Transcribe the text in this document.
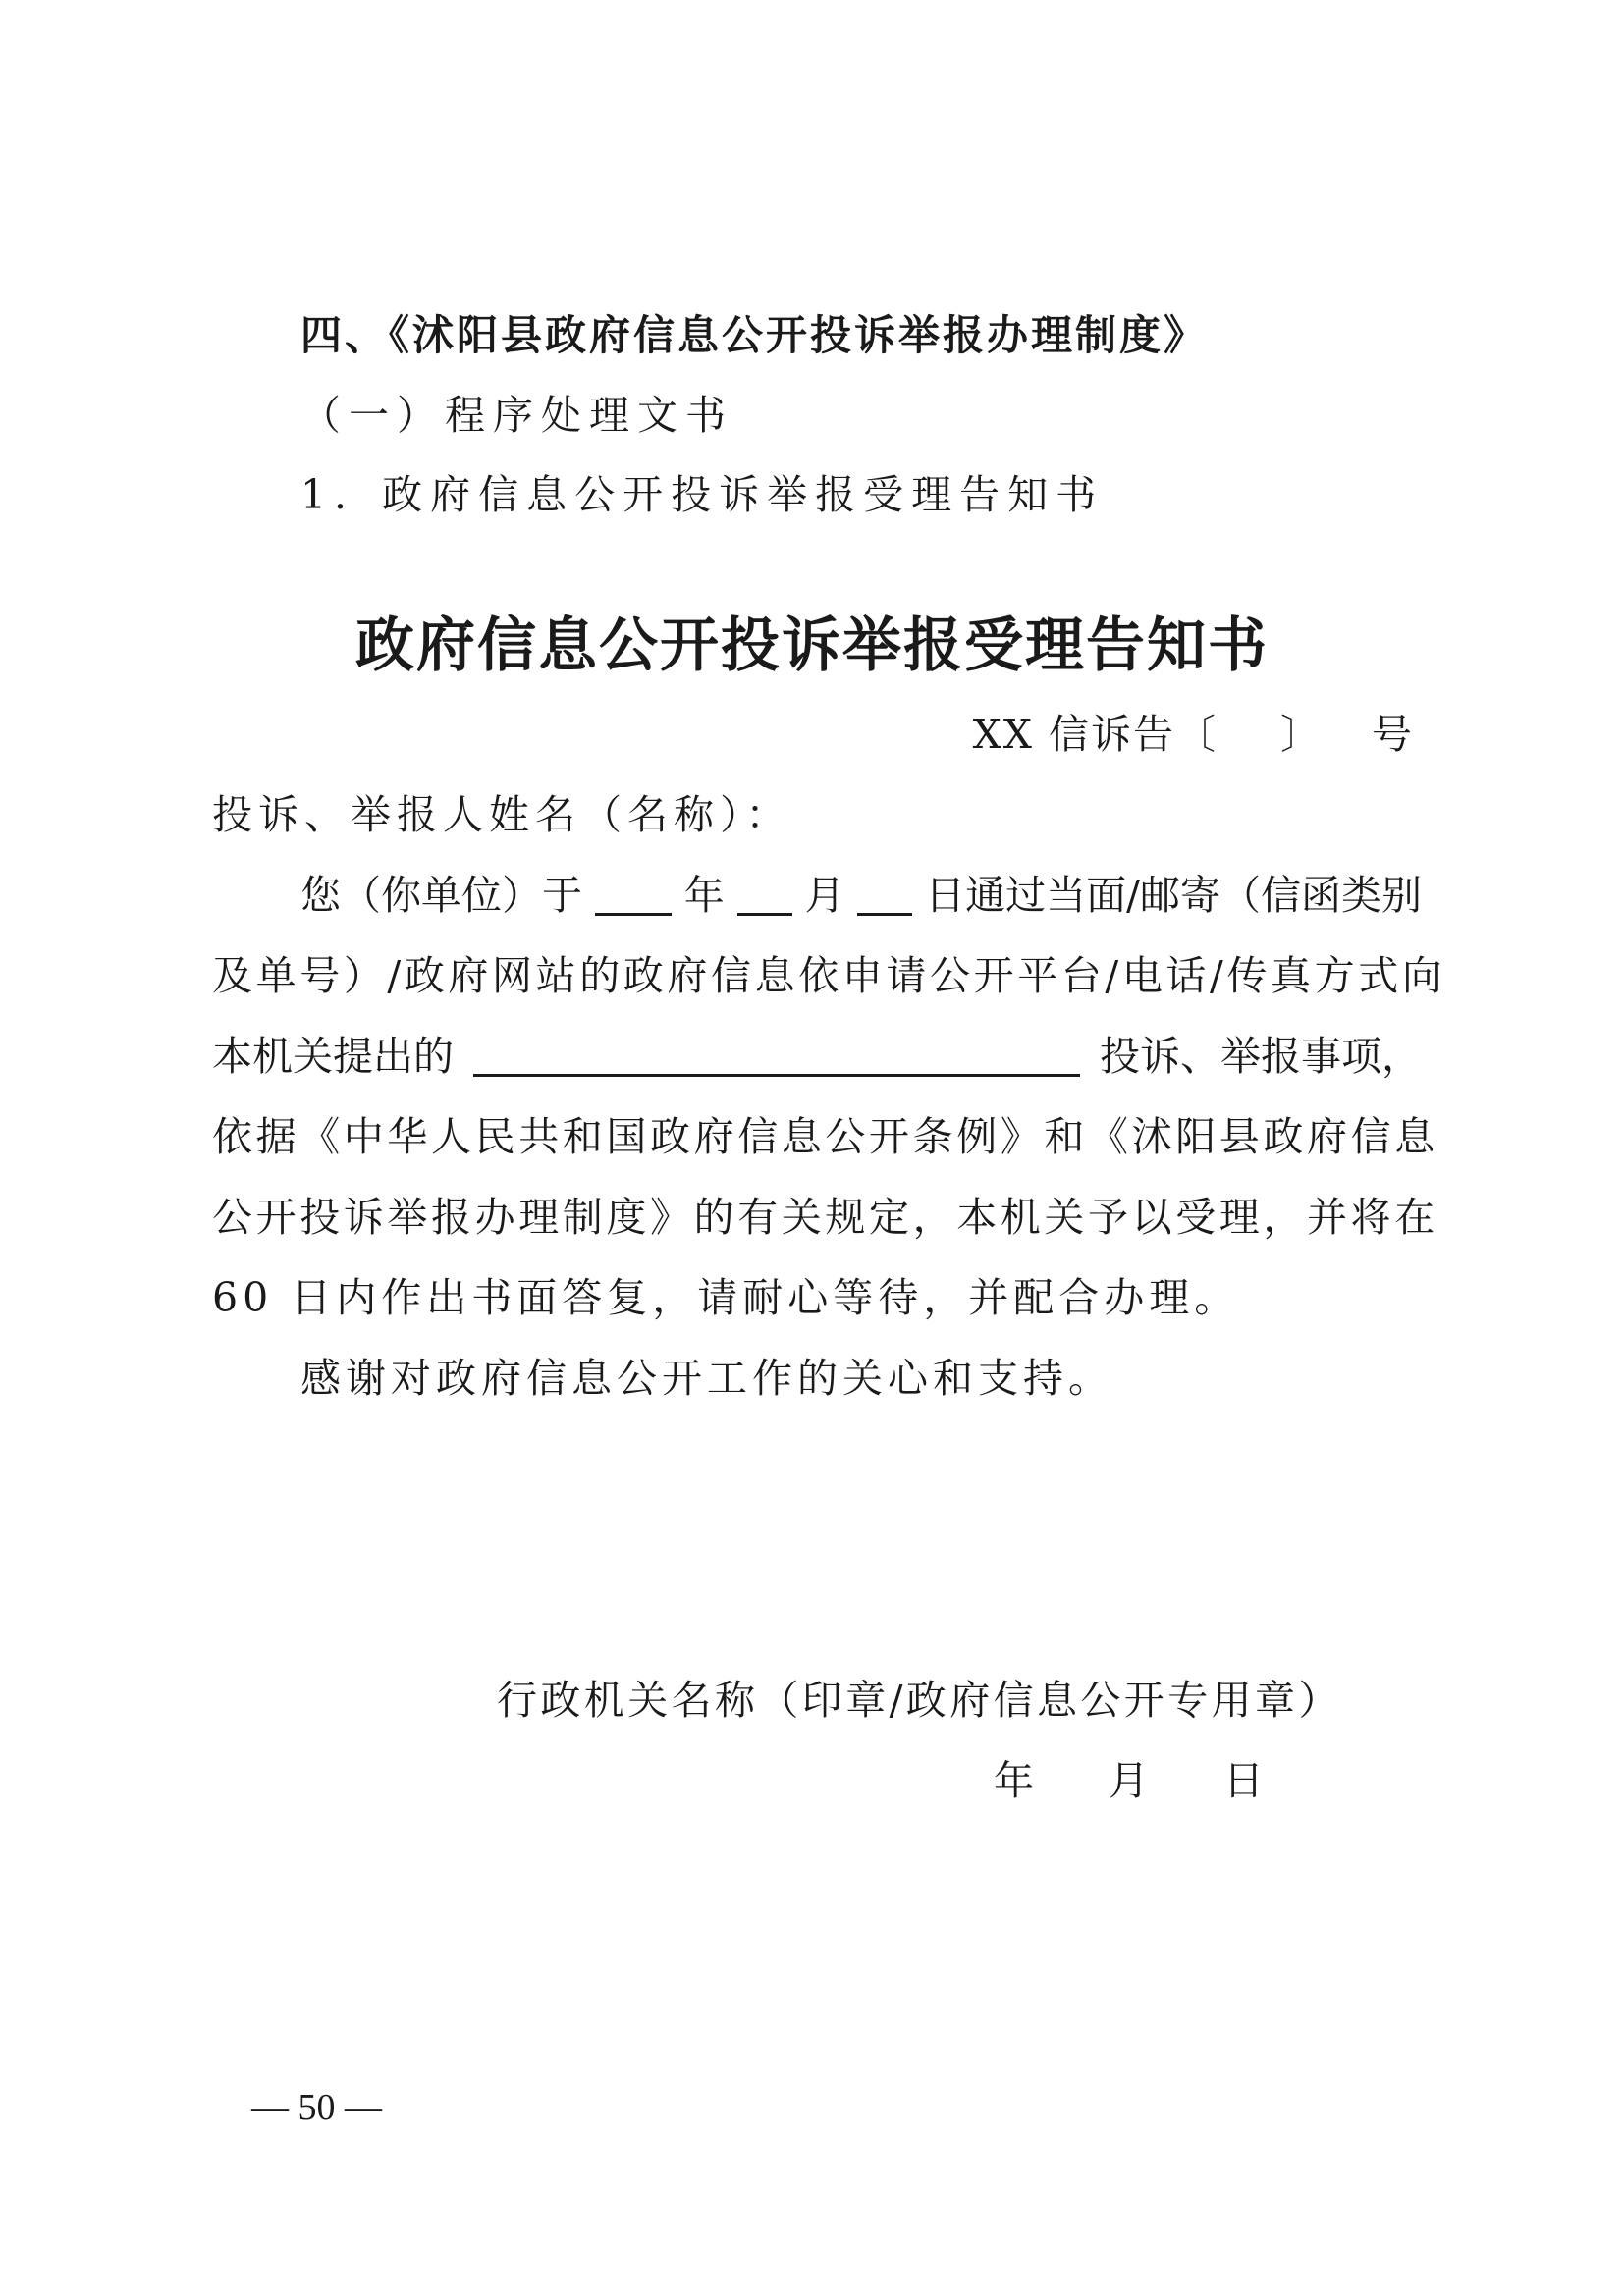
四、《沭阳县政府信息公开投诉举报办理制度》
（一）程序处理文书
1．政府信息公开投诉举报受理告知书
政府信息公开投诉举报受理告知书
XX 信诉告〔 〕 号
投诉、举报人姓名（名称）：
您（你单位）于	年 月 日通过当面/邮寄（信函类别
及单号）/政府网站的政府信息依申请公开平台/电话/传真方式向
本机关提出的	投诉、举报事项，
依据《中华人民共和国政府信息公开条例》和《沭阳县政府信息
公开投诉举报办理制度》的有关规定，本机关予以受理，并将在
60 日内作出书面答复，请耐心等待，并配合办理。
感谢对政府信息公开工作的关心和支持。
行政机关名称（印章/政府信息公开专用章）
年 月 日
— 50 —
